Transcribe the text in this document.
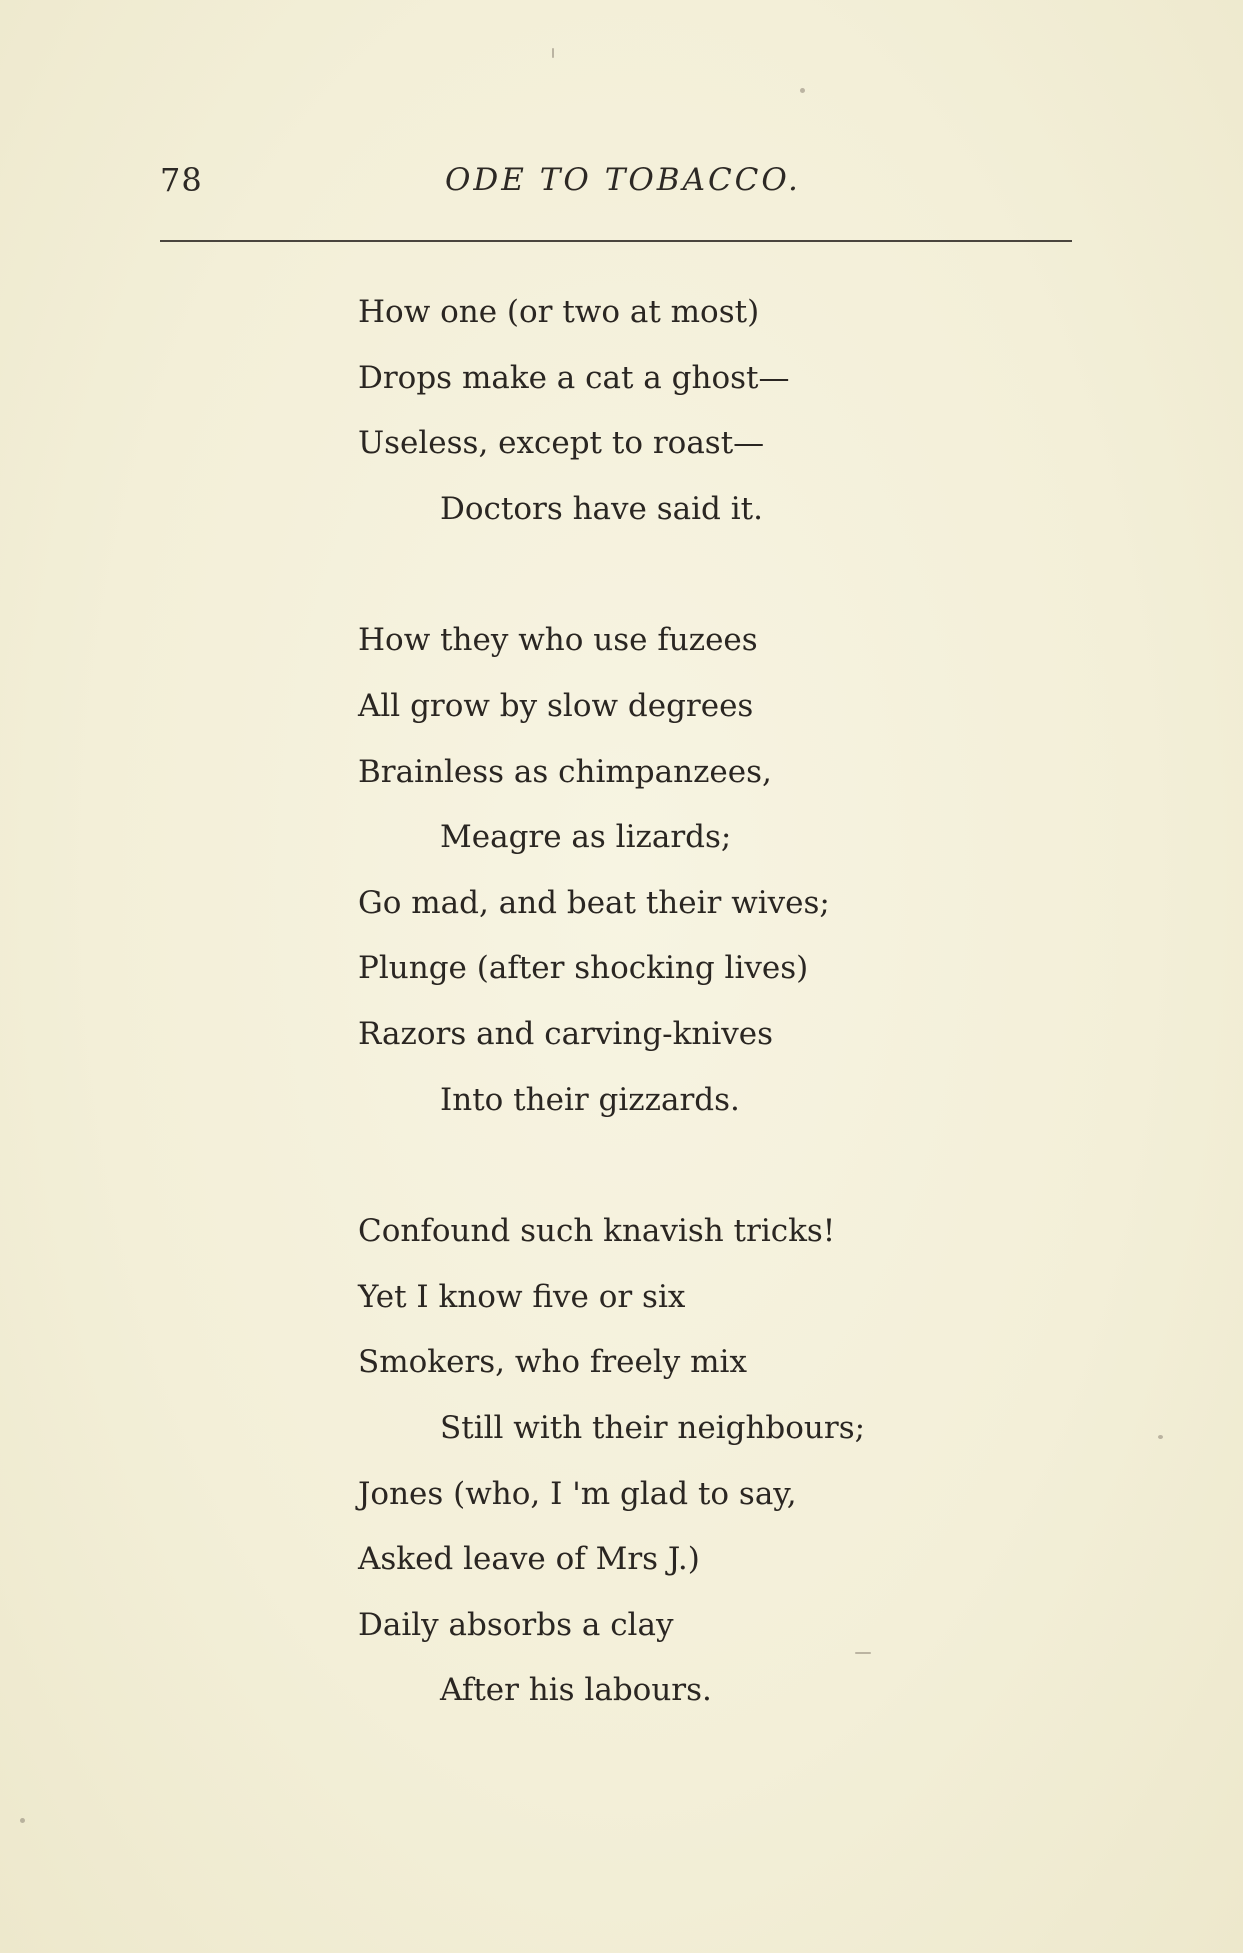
78	ODE TO TOBACCO.
How one (or two at most)
Drops make a cat a ghost—
Useless, except to roast—
Doctors have said it.
How they who use fuzees
All grow by slow degrees
Brainless as chimpanzees,
Meagre as lizards;
Go mad, and beat their wives;
Plunge (after shocking lives)
Razors and carving-knives
Into their gizzards.
Confound such knavish tricks!
Yet I know five or six
Smokers, who freely mix
Still with their neighbours;
Jones (who, I 'm glad to say,
Asked leave of Mrs J.)
Daily absorbs a clay
After his labours.
